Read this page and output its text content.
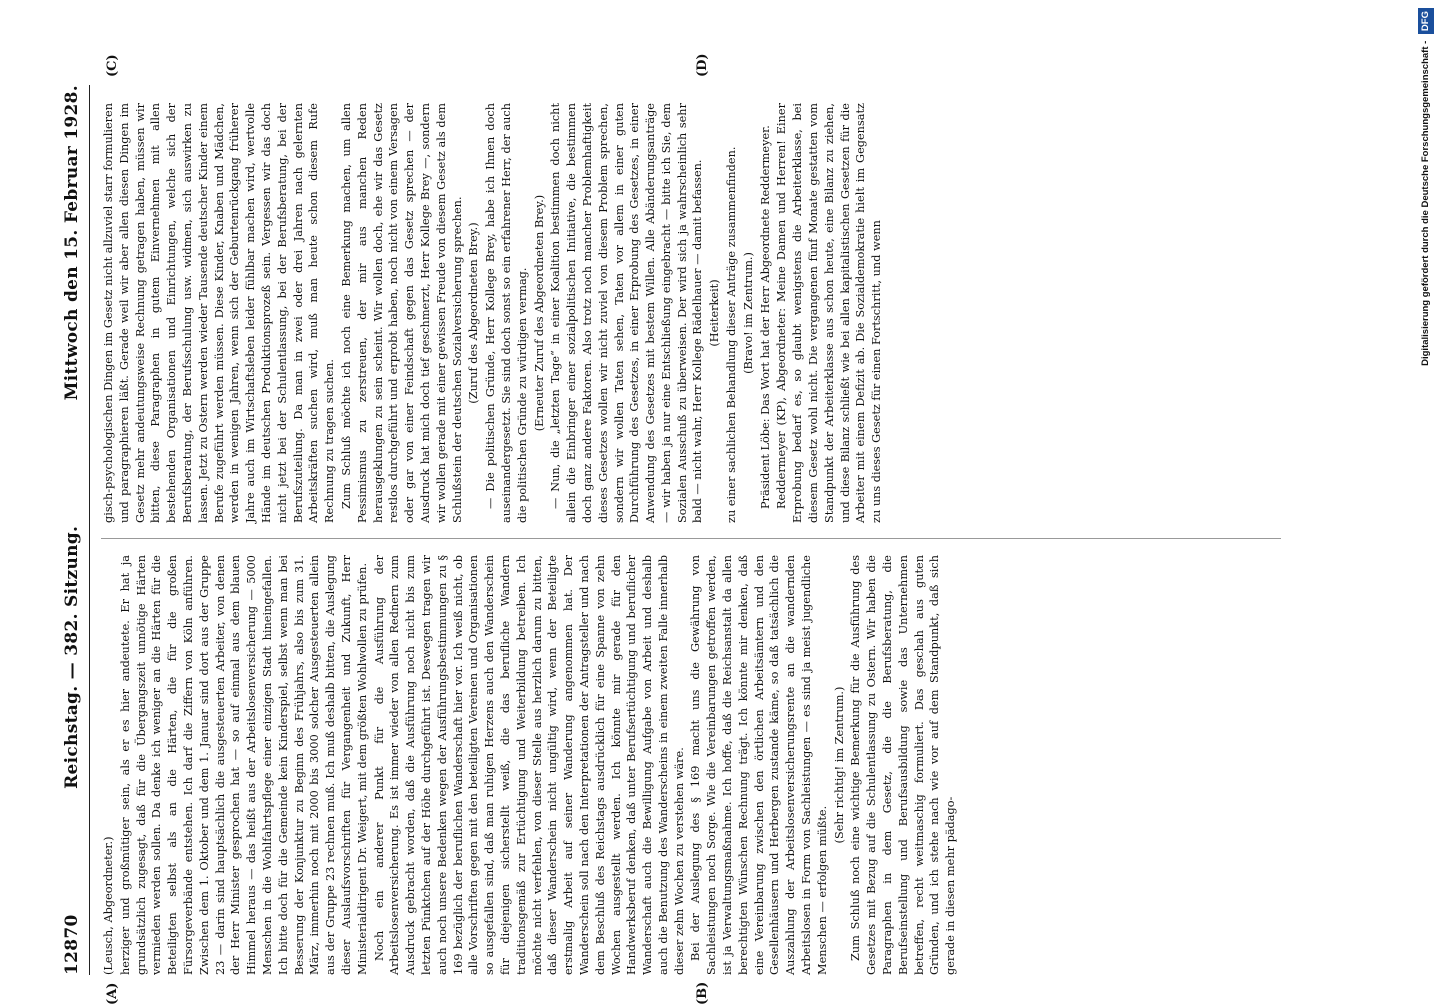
12870
Reichstag. — 382. Sitzung.
Mittwoch den 15. Februar 1928.

(Leusch, Abgeordneter.) herziger und großmütiger sein, als er es hier andeutete. Er hat ja grundsätzlich zugesagt, daß für die Übergangszeit unnötige Härten vermieden werden sollen. Da denke ich weniger an die Härten für die Beteiligten selbst als an die Härten, die für die großen Fürsorgeverbände entstehen. Ich darf die Ziffern von Köln anführen. Zwischen dem 1. Oktober und dem 1. Januar sind dort aus der Gruppe 23 — darin sind hauptsächlich die ausgesteuerten Arbeiter, von denen der Herr Minister gesprochen hat — so auf einmal aus dem blauen Himmel heraus — das heißt aus der Arbeitslosenversicherung — 5000 Menschen in die Wohlfahrtspflege einer einzigen Stadt hineingefallen. Ich bitte doch für die Gemeinde kein Kinderspiel, selbst wenn man bei Besserung der Konjunktur zu Beginn des Frühjahrs, also bis zum 31. März, immerhin noch mit 2000 bis 3000 solcher Ausgesteuerten allein aus der Gruppe 23 rechnen muß. Ich muß deshalb bitten, die Auslegung dieser Auslaufsvorschriften für Vergangenheit und Zukunft, Herr Ministerialdirigent Dr. Weigert, mit dem größten Wohlwollen zu prüfen. Noch ein anderer Punkt für die Ausführung der Arbeitslosenversicherung. Es ist immer wieder von allen Rednern zum Ausdruck gebracht worden, daß die Ausführung noch nicht bis zum letzten Pünktchen auf der Höhe durchgeführt ist. Deswegen tragen wir auch noch unsere Bedenken wegen der Ausführungsbestimmungen zu § 169 bezüglich der beruflichen Wanderschaft hier vor. Ich weiß nicht, ob alle Vorschriften gegen mit den beteiligten Vereinen und Organisationen so ausgefallen sind, daß man ruhigen Herzens auch den Wanderschein für diejenigen sicherstellt weiß, die das berufliche Wandern traditionsgemäß zur Ertüchtigung und Weiterbildung betreiben. Ich möchte nicht verfehlen, von dieser Stelle aus herzlich darum zu bitten, daß dieser Wanderschein nicht ungültig wird, wenn der Beteiligte erstmalig Arbeit auf seiner Wanderung angenommen hat. Der Wanderschein soll nach den Interpretationen der Antragsteller und nach dem Beschluß des Reichstags ausdrücklich für eine Spanne von zehn Wochen ausgestellt werden. Ich könnte mir gerade für den Handwerksberuf denken, daß unter Berufsertüchtigung und beruflicher Wanderschaft auch die Bewilligung Aufgabe von Arbeit und deshalb auch die Benutzung des Wanderscheins in einem zweiten Falle innerhalb dieser zehn Wochen zu verstehen wäre. Bei der Auslegung des § 169 macht uns die Gewährung von Sachleistungen noch Sorge. Wie die Vereinbarungen getroffen werden, ist ja Verwaltungsmaßnahme. Ich hoffe, daß die Reichsanstalt da allen berechtigten Wünschen Rechnung trägt. Ich könnte mir denken, daß eine Vereinbarung zwischen den örtlichen Arbeitsämtern und den Gesellenhäusern und Herbergen zustande käme, so daß tatsächlich die Auszahlung der Arbeitslosenversicherungsrente an die wandernden Arbeitslosen in Form von Sachleistungen — es sind ja meist jugendliche Menschen — erfolgen müßte.

(Sehr richtig! im Zentrum.) Zum Schluß noch eine wichtige Bemerkung für die Ausführung des Gesetzes mit Bezug auf die Schulentlassung zu Ostern. Wir haben die Paragraphen in dem Gesetz, die die Berufsberatung, die Berufseinstellung und Berufsausbildung sowie das Unternehmen betreffen, recht weitmaschig formuliert. Das geschah aus guten Gründen, und ich stehe nach wie vor auf dem Standpunkt, daß sich gerade in diesen mehr pädago-

gisch-psychologischen Dingen im Gesetz nicht allzuviel starr formulieren und paragraphieren läßt. Gerade weil wir aber allen diesen Dingen im Gesetz mehr andeutungsweise Rechnung getragen haben, müssen wir bitten, diese Paragraphen in gutem Einvernehmen mit allen bestehenden Organisationen und Einrichtungen, welche sich der Berufsberatung, der Berufsschulung usw. widmen, sich auswirken zu lassen. Jetzt zu Ostern werden wieder Tausende deutscher Kinder einem Berufe zugeführt werden müssen. Diese Kinder, Knaben und Mädchen, werden in wenigen Jahren, wenn sich der Geburtenrückgang früherer Jahre auch im Wirtschaftsleben leider fühlbar machen wird, wertvolle Hände im deutschen Produktionsprozeß sein. Vergessen wir das doch nicht jetzt bei der Schulentlassung, bei der Berufsberatung, bei der Berufszuteilung. Da man in zwei oder drei Jahren nach gelernten Arbeitskräften suchen wird, muß man heute schon diesem Rufe Rechnung zu tragen suchen. Zum Schluß möchte ich noch eine Bemerkung machen, um allen Pessimismus zu zerstreuen, der mir aus manchen Reden herausgeklungen zu sein scheint. Wir wollen doch, ehe wir das Gesetz restlos durchgeführt und erprobt haben, noch nicht von einem Versagen oder gar von einer Feindschaft gegen das Gesetz sprechen — der Ausdruck hat mich doch tief geschmerzt, Herr Kollege Brey —, sondern wir wollen gerade mit einer gewissen Freude von diesem Gesetz als dem Schlußstein der deutschen Sozialversicherung sprechen. (Zuruf des Abgeordneten Brey.) — Die politischen Gründe, Herr Kollege Brey, habe ich Ihnen doch auseinandergesetzt. Sie sind doch sonst so ein erfahrener Herr, der auch die politischen Gründe zu würdigen vermag. (Erneuter Zuruf des Abgeordneten Brey.) — Nun, die „letzten Tage“ in einer Koalition bestimmen doch nicht allein die Einbringer einer sozialpolitischen Initiative, die bestimmen doch ganz andere Faktoren. Also trotz noch mancher Problemhaftigkeit dieses Gesetzes wollen wir nicht zuviel von diesem Problem sprechen, sondern wir wollen Taten sehen, Taten vor allem in einer guten Durchführung des Gesetzes, in einer Erprobung des Gesetzes, in einer Anwendung des Gesetzes mit bestem Willen. Alle Abänderungsanträge — wir haben ja nur eine Entschließung eingebracht — bitte ich Sie, dem Sozialen Ausschuß zu überweisen. Der wird sich ja wahrscheinlich sehr bald — nicht wahr, Herr Kollege Rädelhauer — damit befassen. (Heiterkeit) zu einer sachlichen Behandlung dieser Anträge zusammenfinden. (Bravo! im Zentrum.) Präsident Löbe: Das Wort hat der Herr Abgeordnete Reddermeyer. Reddermeyer (KP), Abgeordneter: Meine Damen und Herren! Einer Erprobung bedarf es, so glaubt wenigstens die Arbeiterklasse, bei diesem Gesetz wohl nicht. Die vergangenen fünf Monate gestatten vom Standpunkt der Arbeiterklasse aus schon heute, eine Bilanz zu ziehen, und diese Bilanz schließt wie bei allen kapitalistischen Gesetzen für die Arbeiter mit einem Defizit ab. Die Sozialdemokratie hielt im Gegensatz zu uns dieses Gesetz für einen Fortschritt, und wenn

(A)	(B)
(C)	(D)	Digitalisierung gefördert durch die Deutsche Forschungsgemeinschaft - DFG
